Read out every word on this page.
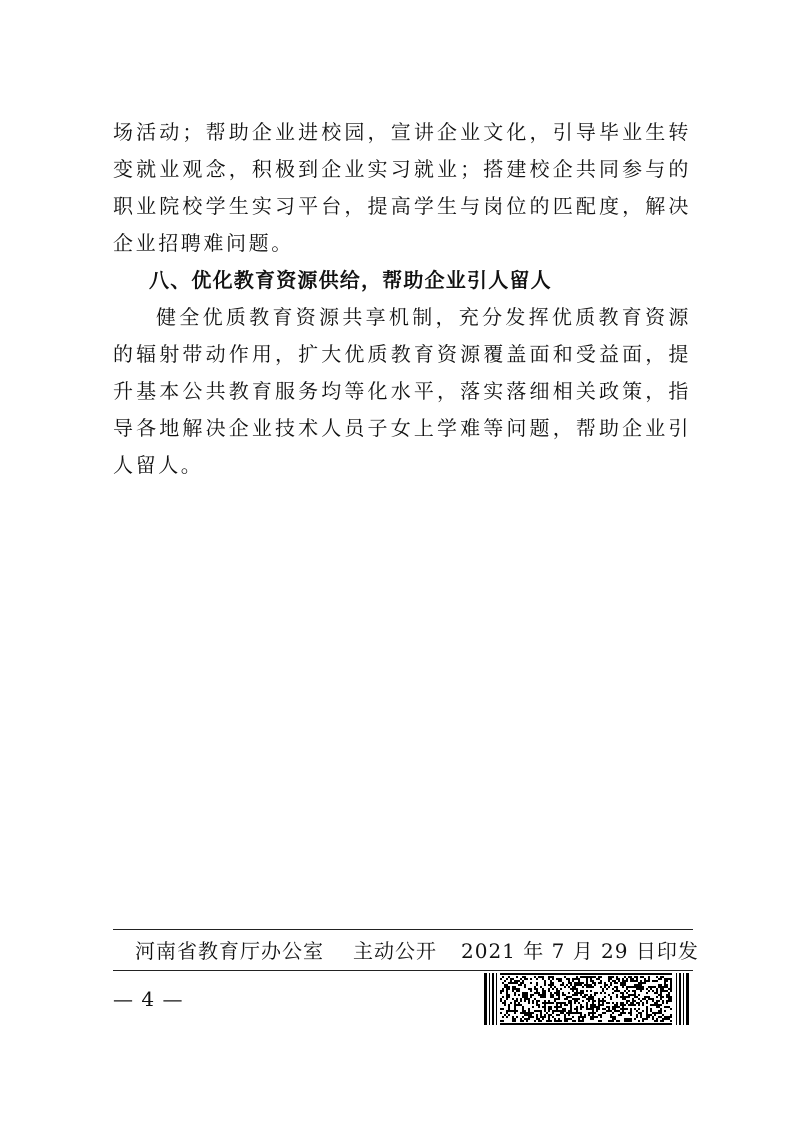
场活动；帮助企业进校园，宣讲企业文化，引导毕业生转变就业观念，积极到企业实习就业；搭建校企共同参与的职业院校学生实习平台，提高学生与岗位的匹配度，解决企业招聘难问题。

八、优化教育资源供给，帮助企业引人留人

健全优质教育资源共享机制，充分发挥优质教育资源的辐射带动作用，扩大优质教育资源覆盖面和受益面，提升基本公共教育服务均等化水平，落实落细相关政策，指导各地解决企业技术人员子女上学难等问题，帮助企业引人留人。

河南省教育厅办公室 主动公开 2021 年 7 月 29 日印发
— 4 —
